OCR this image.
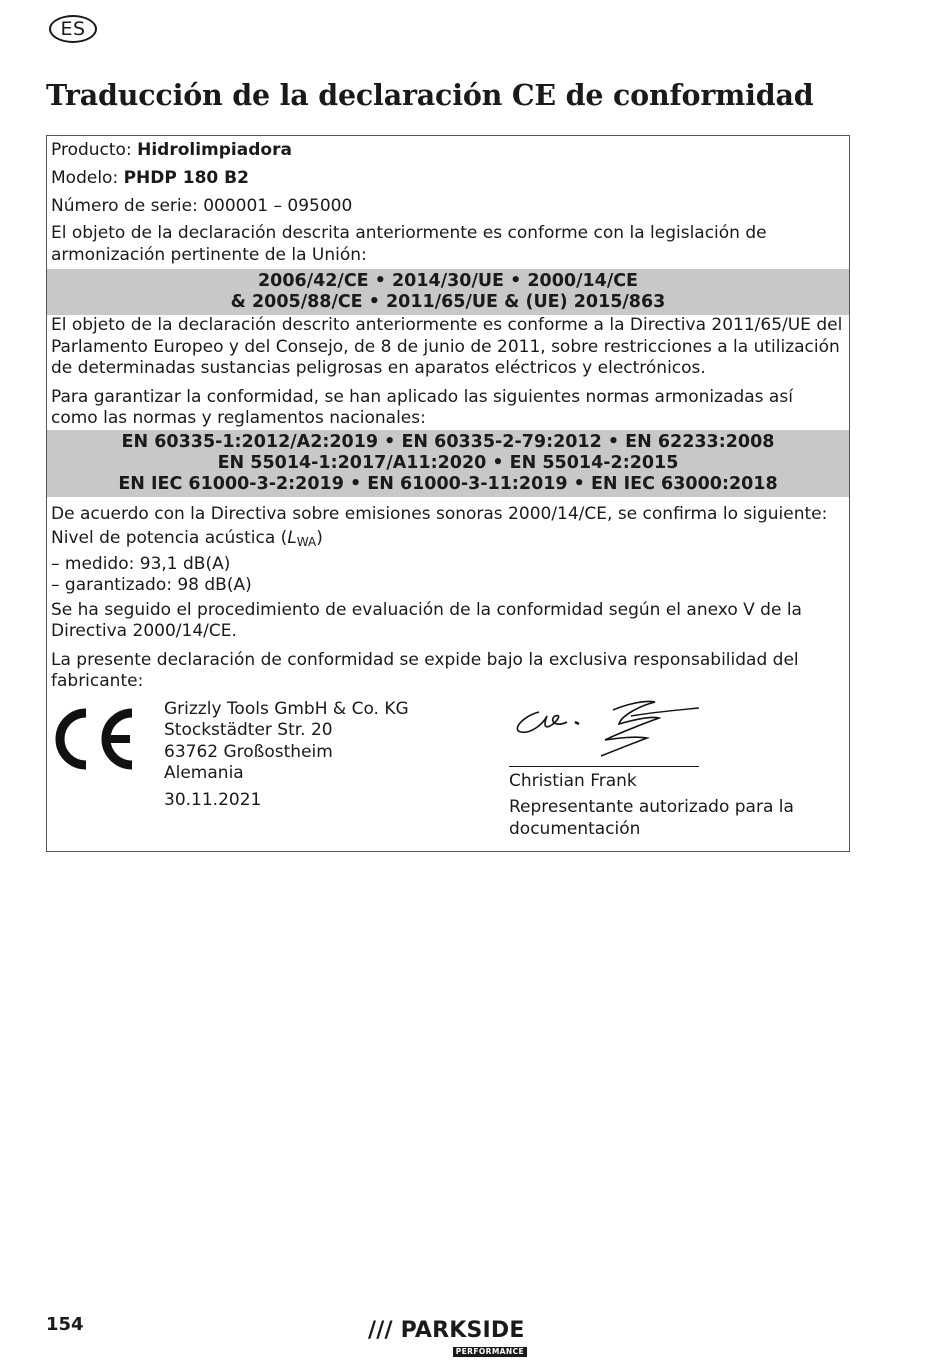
ES
Traducción de la declaración CE de conformidad
Producto: Hidrolimpiadora
Modelo: PHDP 180 B2
Número de serie: 000001 – 095000
El objeto de la declaración descrita anteriormente es conforme con la legislación de armonización pertinente de la Unión:
2006/42/CE • 2014/30/UE • 2000/14/CE
& 2005/88/CE • 2011/65/UE & (UE) 2015/863
El objeto de la declaración descrito anteriormente es conforme a la Directiva 2011/65/UE del Parlamento Europeo y del Consejo, de 8 de junio de 2011, sobre restricciones a la utilización de determinadas sustancias peligrosas en aparatos eléctricos y electrónicos.
Para garantizar la conformidad, se han aplicado las siguientes normas armonizadas así como las normas y reglamentos nacionales:
EN 60335-1:2012/A2:2019 • EN 60335-2-79:2012 • EN 62233:2008
EN 55014-1:2017/A11:2020 • EN 55014-2:2015
EN IEC 61000-3-2:2019 • EN 61000-3-11:2019 • EN IEC 63000:2018
De acuerdo con la Directiva sobre emisiones sonoras 2000/14/CE, se confirma lo siguiente:
Nivel de potencia acústica $(L_{WA})$
– medido: 93,1 dB(A)
– garantizado: 98 dB(A)
Se ha seguido el procedimiento de evaluación de la conformidad según el anexo V de la Directiva 2000/14/CE.
La presente declaración de conformidad se expide bajo la exclusiva responsabilidad del fabricante:
Grizzly Tools GmbH & Co. KG
Stockstädter Str. 20
63762 Großostheim
Alemania
30.11.2021
Christian Frank
Representante autorizado para la documentación
154	/// PARKSIDE
PERFORMANCE
